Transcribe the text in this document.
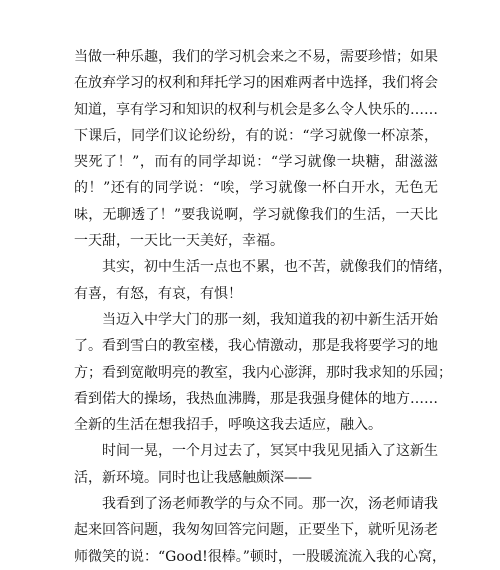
当做一种乐趣，我们的学习机会来之不易，需要珍惜；如果
在放弃学习的权利和拜托学习的困难两者中选择，我们将会
知道，享有学习和知识的权利与机会是多么令人快乐的……
下课后，同学们议论纷纷，有的说：“学习就像一杯凉茶，
哭死了！”，而有的同学却说：“学习就像一块糖，甜滋滋
的！”还有的同学说：“唉，学习就像一杯白开水，无色无
味，无聊透了！”要我说啊，学习就像我们的生活，一天比
一天甜，一天比一天美好，幸福。
其实，初中生活一点也不累，也不苦，就像我们的情绪，
有喜，有怒，有哀，有惧！
当迈入中学大门的那一刻，我知道我的初中新生活开始
了。看到雪白的教室楼，我心情激动，那是我将要学习的地
方；看到宽敞明亮的教室，我内心澎湃，那时我求知的乐园；
看到偌大的操场，我热血沸腾，那是我强身健体的地方……
全新的生活在想我招手，呼唤这我去适应，融入。
时间一晃，一个月过去了，冥冥中我见见插入了这新生
活，新环境。同时也让我感触颇深——
我看到了汤老师教学的与众不同。那一次，汤老师请我
起来回答问题，我匆匆回答完问题，正要坐下，就听见汤老
师微笑的说：“Good!很棒。”顿时，一股暖流流入我的心窝，
